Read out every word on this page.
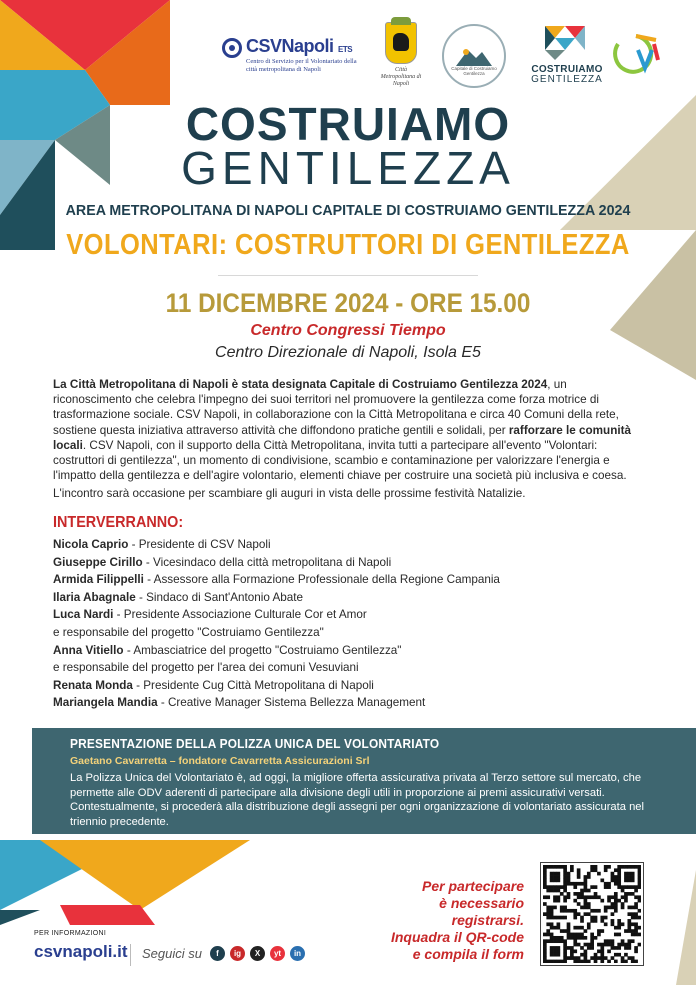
CSVNapoli ETS
Centro di Servizio per il Volontariato della città metropolitana di Napoli	Città Metropolitana di Napoli
Capitale di Costruiamo Gentilezza	COSTRUIAMO
GENTILEZZA
COSTRUIAMO
GENTILEZZA
AREA METROPOLITANA DI NAPOLI CAPITALE DI COSTRUIAMO GENTILEZZA 2024
VOLONTARI: COSTRUTTORI DI GENTILEZZA
11 DICEMBRE 2024 - ORE 15.00
Centro Congressi Tiempo
Centro Direzionale di Napoli, Isola E5
La Città Metropolitana di Napoli è stata designata Capitale di Costruiamo Gentilezza 2024, un riconoscimento che celebra l'impegno dei suoi territori nel promuovere la gentilezza come forza motrice di trasformazione sociale. CSV Napoli, in collaborazione con la Città Metropolitana e circa 40 Comuni della rete, sostiene questa iniziativa attraverso attività che diffondono pratiche gentili e solidali, per rafforzare le comunità locali. CSV Napoli, con il supporto della Città Metropolitana, invita tutti a partecipare all'evento "Volontari: costruttori di gentilezza", un momento di condivisione, scambio e contaminazione per valorizzare l'energia e l'impatto della gentilezza e dell'agire volontario, elementi chiave per costruire una società più inclusiva e coesa.
L'incontro sarà occasione per scambiare gli auguri in vista delle prossime festività Natalizie.
INTERVERRANNO:
Nicola Caprio - Presidente di CSV Napoli
Giuseppe Cirillo - Vicesindaco della città metropolitana di Napoli
Armida Filippelli - Assessore alla Formazione Professionale della Regione Campania
Ilaria Abagnale - Sindaco di Sant'Antonio Abate
Luca Nardi - Presidente Associazione Culturale Cor et Amor
e responsabile del progetto "Costruiamo Gentilezza"
Anna Vitiello - Ambasciatrice del progetto "Costruiamo Gentilezza"
e responsabile del progetto per l'area dei comuni Vesuviani
Renata Monda - Presidente Cug Città Metropolitana di Napoli
Mariangela Mandia - Creative Manager Sistema Bellezza Management
PRESENTAZIONE DELLA POLIZZA UNICA DEL VOLONTARIATO
Gaetano Cavarretta – fondatore Cavarretta Assicurazioni Srl
La Polizza Unica del Volontariato è, ad oggi, la migliore offerta assicurativa privata al Terzo settore sul mercato, che permette alle ODV aderenti di partecipare alla divisione degli utili in proporzione ai premi assicurativi versati. Contestualmente, si procederà alla distribuzione degli assegni per ogni organizzazione di volontariato assicurata nel triennio precedente.
Per partecipare
è necessario registrarsi.
Inquadra il QR-code
e compila il form
PER INFORMAZIONI
csvnapoli.it Seguici su	f	ig	X	yt	in
